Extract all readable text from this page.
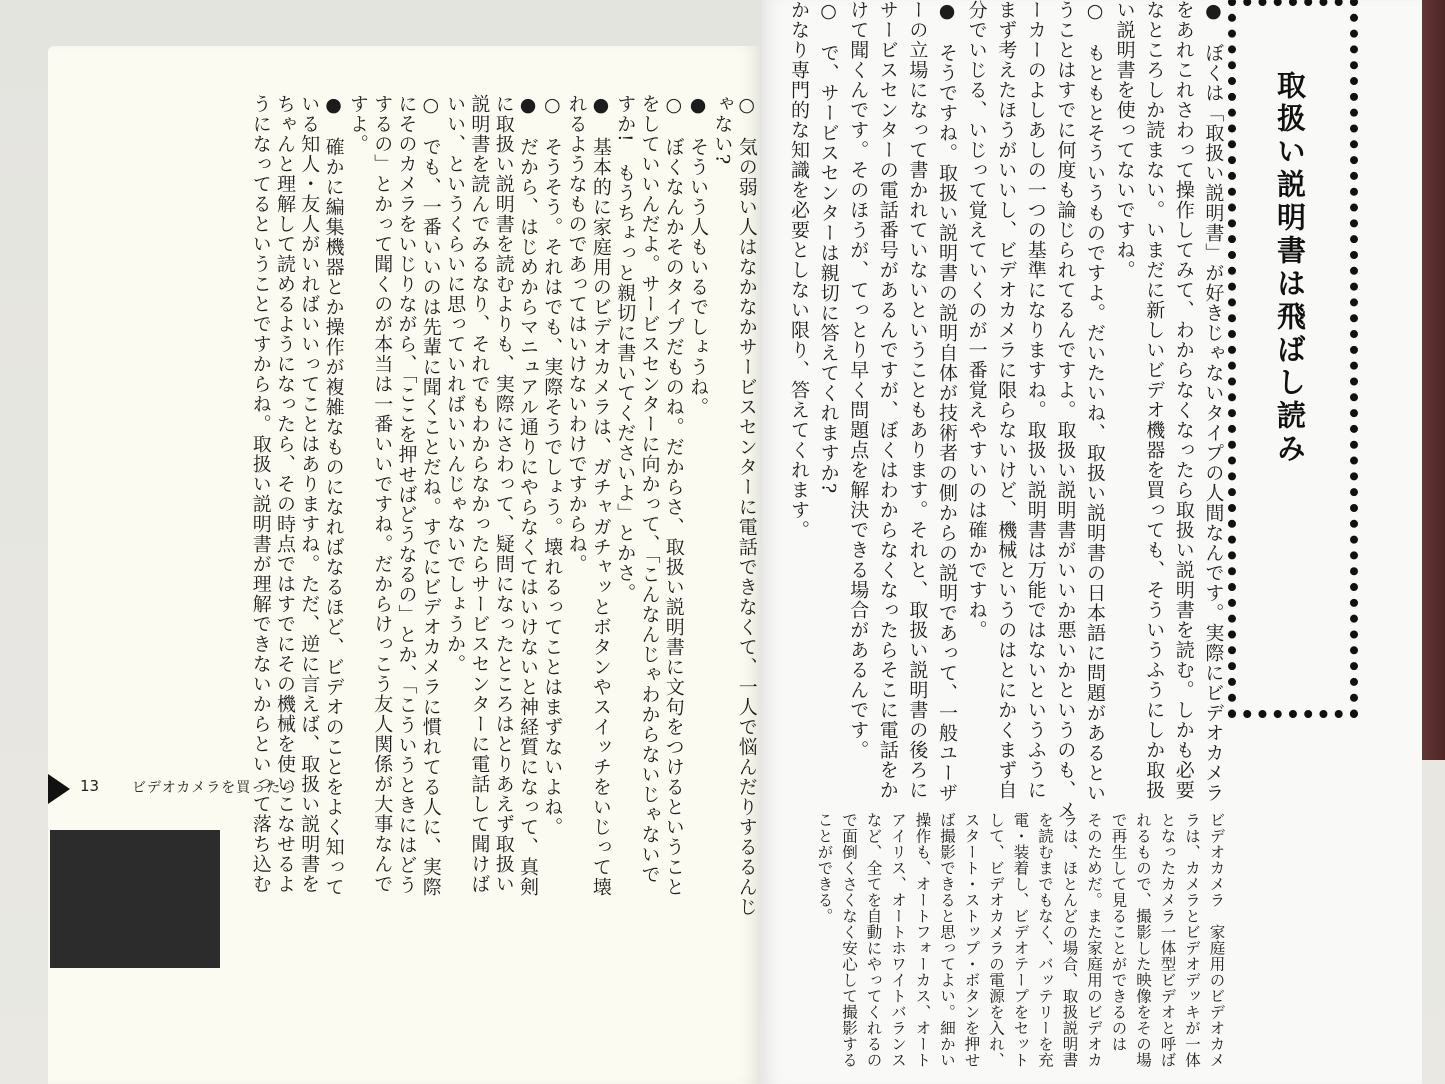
○　気の弱い人はなかなかサービスセンターに電話できなくて、一人で悩んだりするるんじ
ゃない?
●　そういう人もいるでしょうね。
○　ぼくなんかそのタイプだものね。だからさ、取扱い説明書に文句をつけるということ
をしていいんだよ。サービスセンターに向かって、「こんなんじゃわからないじゃないで
すか!　もうちょっと親切に書いてくださいよ」とかさ。
●　基本的に家庭用のビデオカメラは、ガチャガチャッとボタンやスイッチをいじって壊
れるようなものであってはいけないわけですからね。
○　そうそう。それはでも、実際そうでしょう。壊れるってことはまずないよね。
●　だから、はじめからマニュアル通りにやらなくてはいけないと神経質になって、真剣
に取扱い説明書を読むよりも、実際にさわって、疑問になったところはとりあえず取扱い
説明書を読んでみるなり、それでもわからなかったらサービスセンターに電話して聞けば
いい、というくらいに思っていればいいんじゃないでしょうか。
○　でも、一番いいのは先輩に聞くことだね。すでにビデオカメラに慣れてる人に、実際
にそのカメラをいじりながら、「ここを押せばどうなるの」とか、「こういうときにはどう
するの」とかって聞くのが本当は一番いいですね。だからけっこう友人関係が大事なんで
すよ。
●　確かに編集機器とか操作が複雑なものになればなるほど、ビデオのことをよく知って
いる知人・友人がいればいいってことはありますね。ただ、逆に言えば、取扱い説明書を
ちゃんと理解して読めるようになったら、その時点ではすでにその機械を使いこなせるよ
うになってるということですからね。取扱い説明書が理解できないからといって落ち込む
13 ビデオカメラを買ったら	●　ぼくは「取扱い説明書」が好きじゃないタイプの人間なんです。実際にビデオカメラ
をあれこれさわって操作してみて、わからなくなったら取扱い説明書を読む。しかも必要
なところしか読まない。いまだに新しいビデオ機器を買っても、そういうふうにしか取扱
い説明書を使ってないですね。
○　もともとそういうものですよ。だいたいね、取扱い説明書の日本語に問題があるとい
うことはすでに何度も論じられてるんですよ。取扱い説明書がいいか悪いかというのも、メ
ーカーのよしあしの一つの基準になりますね。取扱い説明書は万能ではないというふうに
まず考えたほうがいいし、ビデオカメラに限らないけど、機械というのはとにかくまず自
分でいじる、いじって覚えていくのが一番覚えやすいのは確かですね。
●　そうですね。取扱い説明書の説明自体が技術者の側からの説明であって、一般ユーザ
ーの立場になって書かれていないということもあります。それと、取扱い説明書の後ろに
サービスセンターの電話番号があるんですが、ぼくはわからなくなったらそこに電話をか
けて聞くんです。そのほうが、てっとり早く問題点を解決できる場合があるんです。
○　で、サービスセンターは親切に答えてくれますか?
かなり専門的な知識を必要としない限り、答えてくれます。	取扱い説明書は飛ばし読み
ビデオカメラ　家庭用のビデオカメ
ラは、カメラとビデオデッキが一体
となったカメラ一体型ビデオと呼ば
れるもので、撮影した映像をその場
で再生して見ることができるのは
そのためだ。また家庭用のビデオカ
ラは、ほとんどの場合、取扱説明書
を読むまでもなく、バッテリーを充
電・装着し、ビデオテープをセット
して、ビデオカメラの電源を入れ、
スタート・ストップ・ボタンを押せ
ば撮影できると思ってよい。細かい
操作も、オートフォーカス、オート
アイリス、オートホワイトバランス
など、全てを自動にやってくれるの
で面倒くさくなく安心して撮影する
ことができる。
